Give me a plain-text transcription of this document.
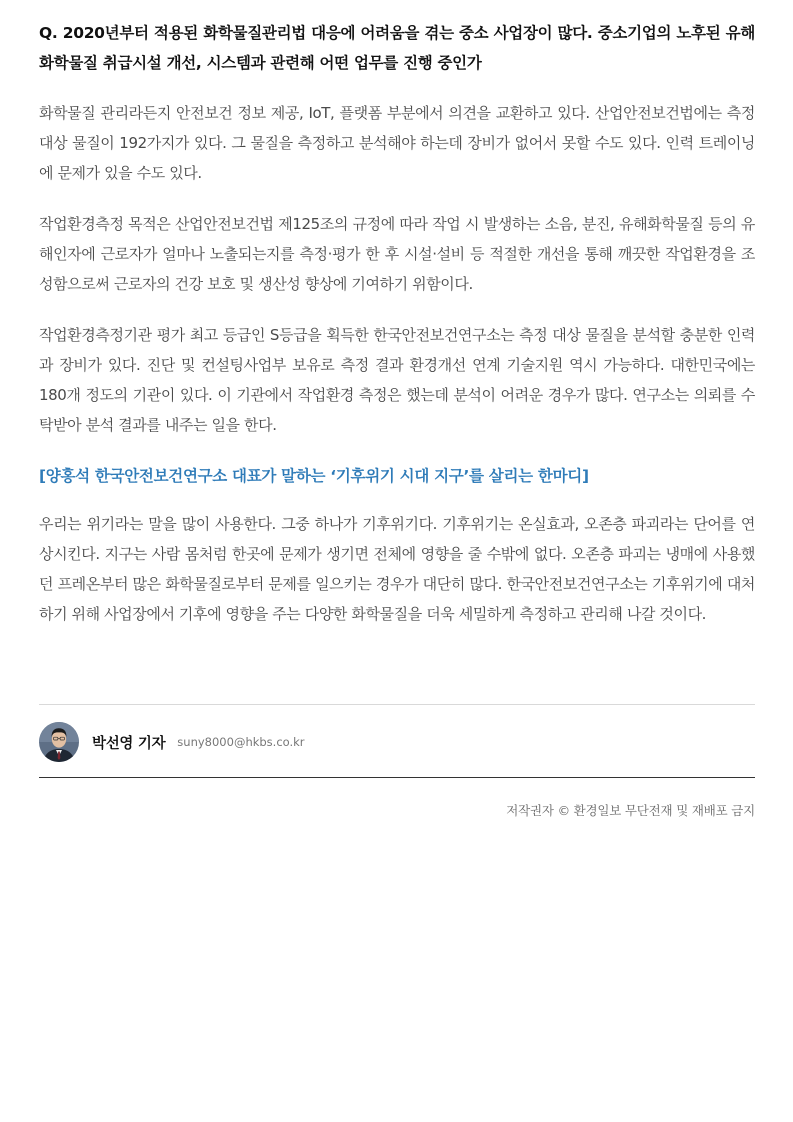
Q. 2020년부터 적용된 화학물질관리법 대응에 어려움을 겪는 중소 사업장이 많다. 중소기업의 노후된 유해화학물질 취급시설 개선, 시스템과 관련해 어떤 업무를 진행 중인가

화학물질 관리라든지 안전보건 정보 제공, IoT, 플랫폼 부분에서 의견을 교환하고 있다. 산업안전보건법에는 측정 대상 물질이 192가지가 있다. 그 물질을 측정하고 분석해야 하는데 장비가 없어서 못할 수도 있다. 인력 트레이닝에 문제가 있을 수도 있다.

작업환경측정 목적은 산업안전보건법 제125조의 규정에 따라 작업 시 발생하는 소음, 분진, 유해화학물질 등의 유해인자에 근로자가 얼마나 노출되는지를 측정·평가 한 후 시설·설비 등 적절한 개선을 통해 깨끗한 작업환경을 조성함으로써 근로자의 건강 보호 및 생산성 향상에 기여하기 위함이다.

작업환경측정기관 평가 최고 등급인 S등급을 획득한 한국안전보건연구소는 측정 대상 물질을 분석할 충분한 인력과 장비가 있다. 진단 및 컨설팅사업부 보유로 측정 결과 환경개선 연계 기술지원 역시 가능하다. 대한민국에는 180개 정도의 기관이 있다. 이 기관에서 작업환경 측정은 했는데 분석이 어려운 경우가 많다. 연구소는 의뢰를 수탁받아 분석 결과를 내주는 일을 한다.

[양홍석 한국안전보건연구소 대표가 말하는 ‘기후위기 시대 지구’를 살리는 한마디]

우리는 위기라는 말을 많이 사용한다. 그중 하나가 기후위기다. 기후위기는 온실효과, 오존층 파괴라는 단어를 연상시킨다. 지구는 사람 몸처럼 한곳에 문제가 생기면 전체에 영향을 줄 수밖에 없다. 오존층 파괴는 냉매에 사용했던 프레온부터 많은 화학물질로부터 문제를 일으키는 경우가 대단히 많다. 한국안전보건연구소는 기후위기에 대처하기 위해 사업장에서 기후에 영향을 주는 다양한 화학물질을 더욱 세밀하게 측정하고 관리해 나갈 것이다.

박선영 기자 suny8000@hkbs.co.kr
저작권자 © 환경일보 무단전재 및 재배포 금지
